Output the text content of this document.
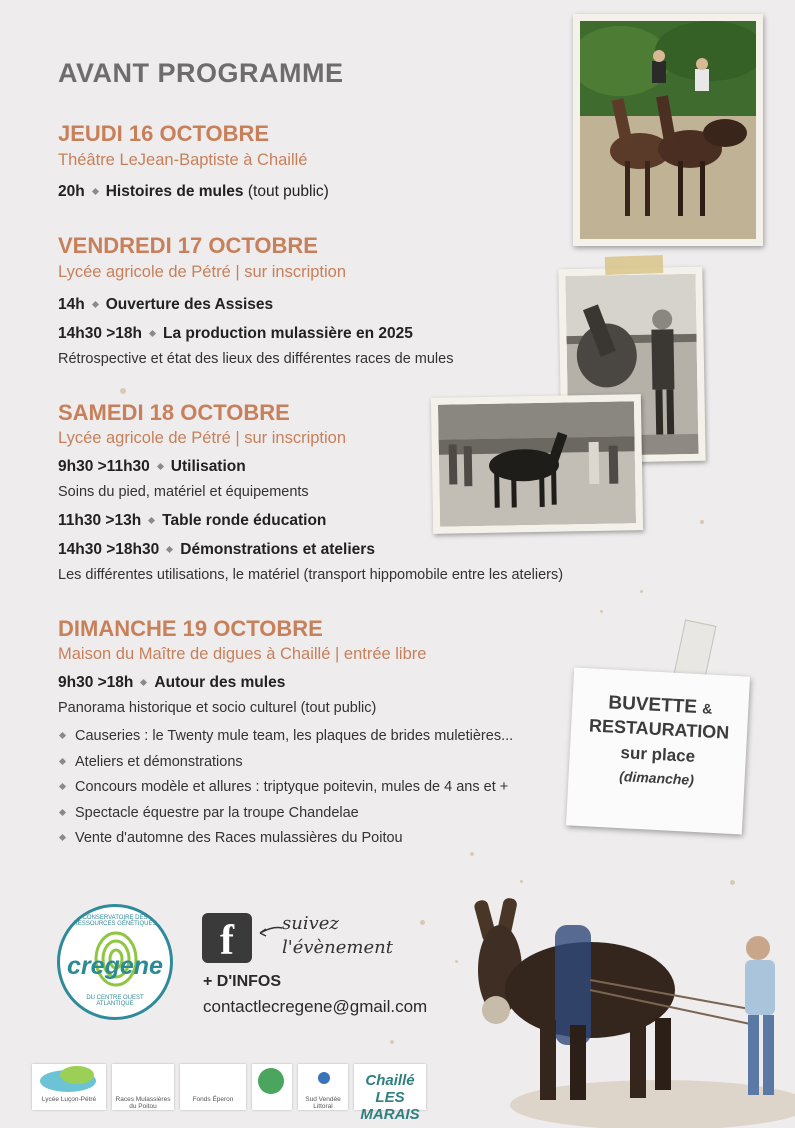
AVANT PROGRAMME
JEUDI 16 OCTOBRE
Théâtre LeJean-Baptiste à Chaillé
20h Histoires de mules (tout public)
VENDREDI 17 OCTOBRE
Lycée agricole de Pétré | sur inscription
14h Ouverture des Assises
14h30 >18h La production mulassière en 2025
Rétrospective et état des lieux des différentes races de mules
SAMEDI 18 OCTOBRE
Lycée agricole de Pétré | sur inscription
9h30 >11h30 Utilisation
Soins du pied, matériel et équipements
11h30 >13h Table ronde éducation
14h30 >18h30 Démonstrations et ateliers
Les différentes utilisations, le matériel (transport hippomobile entre les ateliers)
DIMANCHE 19 OCTOBRE
Maison du Maître de digues à Chaillé | entrée libre
9h30 >18h Autour des mules
Panorama historique et socio culturel (tout public)
Causeries : le Twenty mule team, les plaques de brides muletières...
Ateliers et démonstrations
Concours modèle et allures : triptyque poitevin, mules de 4 ans et +
Spectacle équestre par la troupe Chandelae
Vente d'automne des Races mulassières du Poitou
BUVETTE &
RESTAURATION
sur place
(dimanche)
CONSERVATOIRE DES RESSOURCES GÉNÉTIQUES
cregene
DU CENTRE OUEST ATLANTIQUE
f	suivez
l'évènement
+ D'INFOS
contactlecregene@gmail.com
Lycée Luçon-Pétré	Races Mulassières du Poitou
Fonds Éperon	Sud Vendée Littoral
Chaillé LES MARAIS
